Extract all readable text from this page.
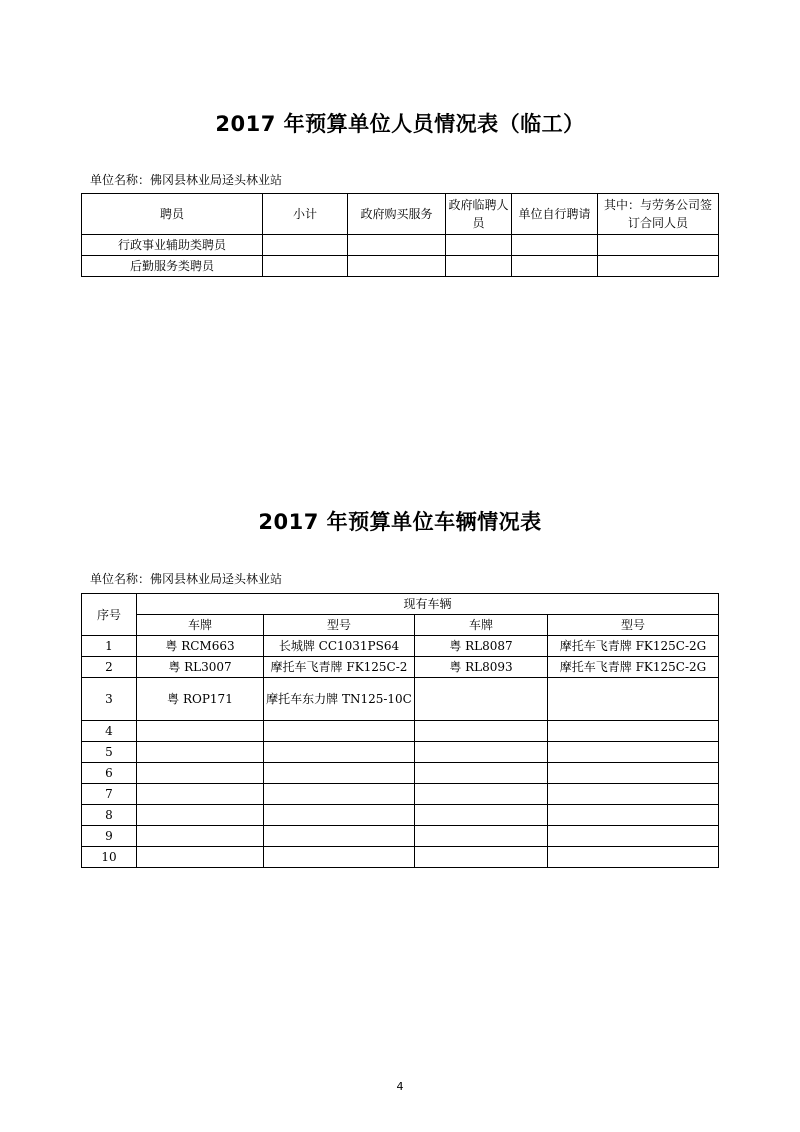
2017 年预算单位人员情况表（临工）
单位名称：佛冈县林业局迳头林业站
聘员	小计	政府购买服务	政府临聘人员	单位自行聘请	其中：与劳务公司签订合同人员
行政事业辅助类聘员					
后勤服务类聘员					
2017 年预算单位车辆情况表
单位名称：佛冈县林业局迳头林业站
序号	现有车辆			
	车牌	型号	车牌	型号
1	粤 RCM663	长城牌 CC1031PS64	粤 RL8087	摩托车飞青牌 FK125C-2G
2	粤 RL3007	摩托车飞青牌 FK125C-2	粤 RL8093	摩托车飞青牌 FK125C-2G
3	粤 ROP171	摩托车东力牌 TN125-10C		
4				
5				
6				
7				
8				
9				
10				
4
